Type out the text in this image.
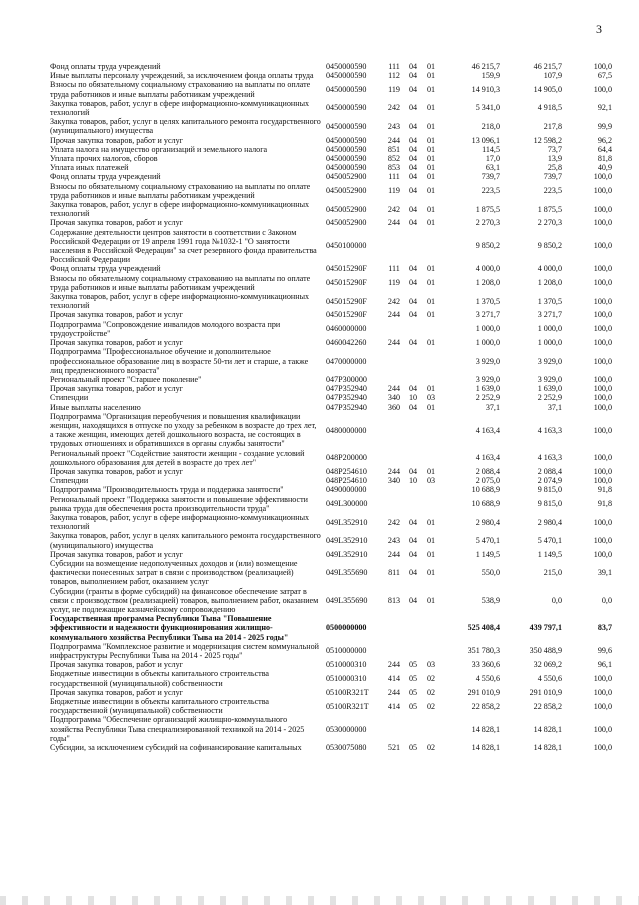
3
Фонд оплаты труда учреждений	0450000590	111	04	01	46 215,7	46 215,7	100,0
Иные выплаты персоналу учреждений, за исключением фонда оплаты труда	0450000590	112	04	01	159,9	107,9	67,5
Взносы по обязательному социальному страхованию на выплаты по оплате труда работников и иные выплаты работникам учреждений	0450000590	119	04	01	14 910,3	14 905,0	100,0
Закупка товаров, работ, услуг в сфере информационно-коммуникационных технологий	0450000590	242	04	01	5 341,0	4 918,5	92,1
Закупка товаров, работ, услуг в целях капитального ремонта государственного (муниципального) имущества	0450000590	243	04	01	218,0	217,8	99,9
Прочая закупка товаров, работ и услуг	0450000590	244	04	01	13 096,1	12 598,2	96,2
Уплата налога на имущество организаций и земельного налога	0450000590	851	04	01	114,5	73,7	64,4
Уплата прочих налогов, сборов	0450000590	852	04	01	17,0	13,9	81,8
Уплата иных платежей	0450000590	853	04	01	63,1	25,8	40,9
Фонд оплаты труда учреждений	0450052900	111	04	01	739,7	739,7	100,0
Взносы по обязательному социальному страхованию на выплаты по оплате труда работников и иные выплаты работникам учреждений	0450052900	119	04	01	223,5	223,5	100,0
Закупка товаров, работ, услуг в сфере информационно-коммуникационных технологий	0450052900	242	04	01	1 875,5	1 875,5	100,0
Прочая закупка товаров, работ и услуг	0450052900	244	04	01	2 270,3	2 270,3	100,0
Содержание деятельности центров занятости в соответствии с Законом Российской Федерации от 19 апреля 1991 года №1032-1 "О занятости населения в Российской Федерации" за счет резервного фонда правительства Российской Федерации	0450100000				9 850,2	9 850,2	100,0
Фонд оплаты труда учреждений	045015290F	111	04	01	4 000,0	4 000,0	100,0
Взносы по обязательному социальному страхованию на выплаты по оплате труда работников и иные выплаты работникам учреждений	045015290F	119	04	01	1 208,0	1 208,0	100,0
Закупка товаров, работ, услуг в сфере информационно-коммуникационных технологий	045015290F	242	04	01	1 370,5	1 370,5	100,0
Прочая закупка товаров, работ и услуг	045015290F	244	04	01	3 271,7	3 271,7	100,0
Подпрограмма "Сопровождение инвалидов молодого возраста при трудоустройстве"	0460000000				1 000,0	1 000,0	100,0
Прочая закупка товаров, работ и услуг	0460042260	244	04	01	1 000,0	1 000,0	100,0
Подпрограмма "Профессиональное обучение и дополнительное профессиональное образование лиц в возрасте 50-ти лет и старше, а также лиц предпенсионного возраста"	0470000000				3 929,0	3 929,0	100,0
Региональный проект "Старшее поколение"	047P300000				3 929,0	3 929,0	100,0
Прочая закупка товаров, работ и услуг	047P352940	244	04	01	1 639,0	1 639,0	100,0
Стипендии	047P352940	340	10	03	2 252,9	2 252,9	100,0
Иные выплаты населению	047P352940	360	04	01	37,1	37,1	100,0
Подпрограмма "Организация переобучения и повышения квалификации женщин, находящихся в отпуске по уходу за ребенком в возрасте до трех лет, а также женщин, имеющих детей дошкольного возраста, не состоящих в трудовых отношениях и обратившихся в органы службы занятости"	0480000000				4 163,4	4 163,3	100,0
Региональный проект "Содействие занятости женщин - создание условий дошкольного образования для детей в возрасте до трех лет"	048P200000				4 163,4	4 163,3	100,0
Прочая закупка товаров, работ и услуг	048P254610	244	04	01	2 088,4	2 088,4	100,0
Стипендии	048P254610	340	10	03	2 075,0	2 074,9	100,0
Подпрограмма "Производительность труда и поддержка занятости"	0490000000				10 688,9	9 815,0	91,8
Региональный проект "Поддержка занятости и повышение эффективности рынка труда для обеспечения роста производительности труда"	049L300000				10 688,9	9 815,0	91,8
Закупка товаров, работ, услуг в сфере информационно-коммуникационных технологий	049L352910	242	04	01	2 980,4	2 980,4	100,0
Закупка товаров, работ, услуг в целях капитального ремонта государственного (муниципального) имущества	049L352910	243	04	01	5 470,1	5 470,1	100,0
Прочая закупка товаров, работ и услуг	049L352910	244	04	01	1 149,5	1 149,5	100,0
Субсидии на возмещение недополученных доходов и (или) возмещение фактически понесенных затрат в связи с производством (реализацией) товаров, выполнением работ, оказанием услуг	049L355690	811	04	01	550,0	215,0	39,1
Субсидии (гранты в форме субсидий) на финансовое обеспечение затрат в связи с производством (реализацией) товаров, выполнением работ, оказанием услуг, не подлежащие казначейскому сопровождению	049L355690	813	04	01	538,9	0,0	0,0
Государственная программа Республики Тыва "Повышение эффективности и надежности функционирования жилищно-коммунального хозяйства Республики Тыва на 2014 - 2025 годы"	0500000000				525 408,4	439 797,1	83,7
Подпрограмма "Комплексное развитие и модернизация систем коммунальной инфраструктуры Республики Тыва на 2014 - 2025 годы"	0510000000				351 780,3	350 488,9	99,6
Прочая закупка товаров, работ и услуг	0510000310	244	05	03	33 360,6	32 069,2	96,1
Бюджетные инвестиции в объекты капитального строительства государственной (муниципальной) собственности	0510000310	414	05	02	4 550,6	4 550,6	100,0
Прочая закупка товаров, работ и услуг	05100R321T	244	05	02	291 010,9	291 010,9	100,0
Бюджетные инвестиции в объекты капитального строительства государственной (муниципальной) собственности	05100R321T	414	05	02	22 858,2	22 858,2	100,0
Подпрограмма "Обеспечение организаций жилищно-коммунального хозяйства Республики Тыва специализированной техникой на 2014 - 2025 годы"	0530000000				14 828,1	14 828,1	100,0
Субсидии, за исключением субсидий на софинансирование капитальных	0530075080	521	05	02	14 828,1	14 828,1	100,0
